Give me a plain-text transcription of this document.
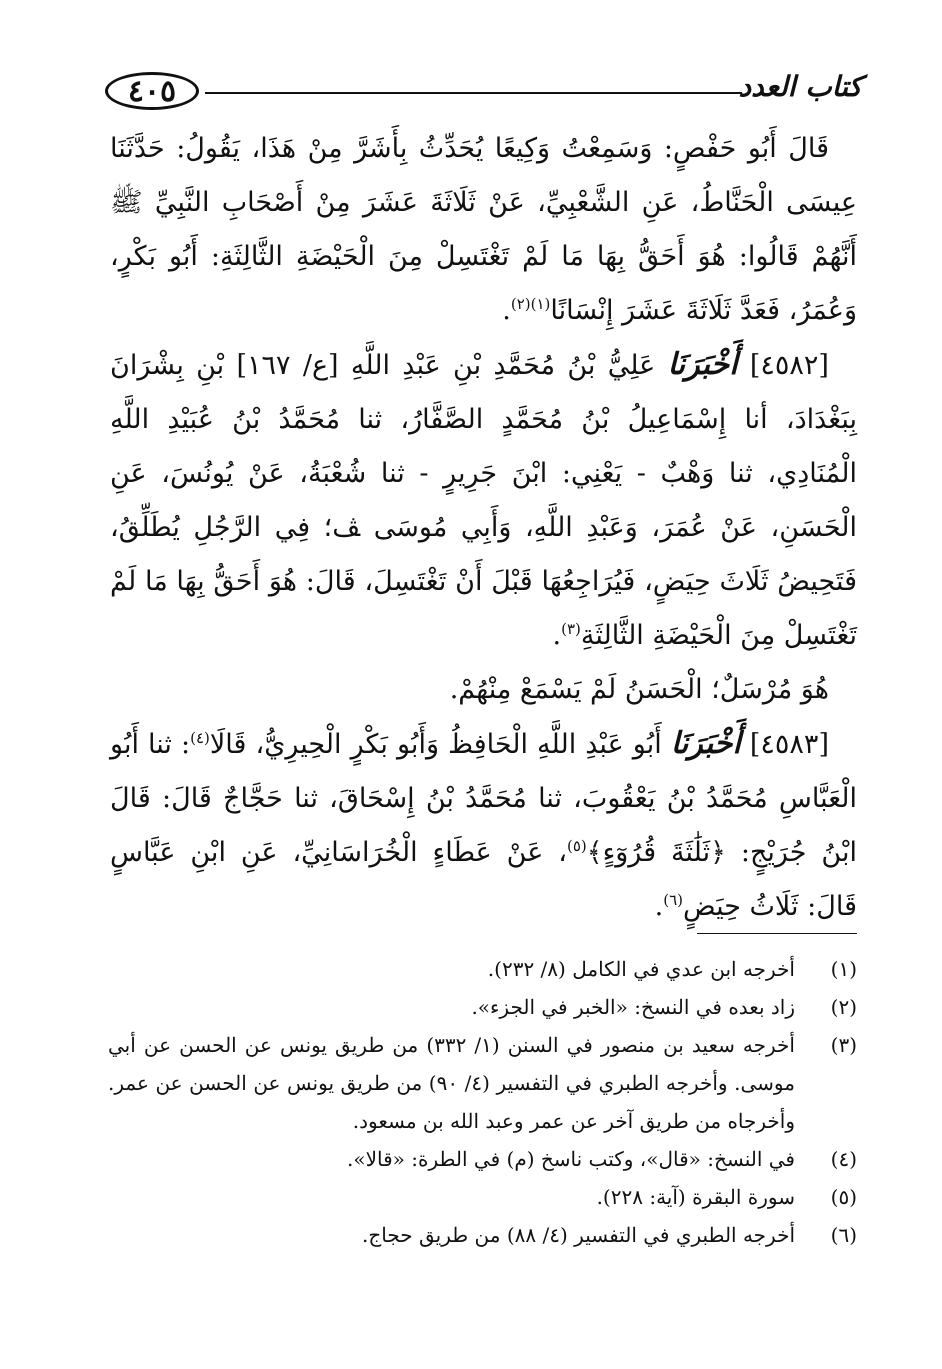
٤٠٥	كتاب العدد

قَالَ أَبُو حَفْصٍ: وَسَمِعْتُ وَكِيعًا يُحَدِّثُ بِأَشَرَّ مِنْ هَذَا، يَقُولُ: حَدَّثَنَا عِيسَى الْحَنَّاطُ، عَنِ الشَّعْبِيِّ، عَنْ ثَلَاثَةَ عَشَرَ مِنْ أَصْحَابِ النَّبِيِّ ﷺ أَنَّهُمْ قَالُوا: هُوَ أَحَقُّ بِهَا مَا لَمْ تَغْتَسِلْ مِنَ الْحَيْضَةِ الثَّالِثَةِ: أَبُو بَكْرٍ، وَعُمَرُ، فَعَدَّ ثَلَاثَةَ عَشَرَ إِنْسَانًا$^{(١)(٢)}$.

[٤٥٨٢] أَخْبَرَنَا عَلِيُّ بْنُ مُحَمَّدِ بْنِ عَبْدِ اللَّهِ [ع/ ١٦٧] بْنِ بِشْرَانَ بِبَغْدَادَ، أنا إِسْمَاعِيلُ بْنُ مُحَمَّدٍ الصَّفَّارُ، ثنا مُحَمَّدُ بْنُ عُبَيْدِ اللَّهِ الْمُنَادِي، ثنا وَهْبٌ - يَعْنِي: ابْنَ جَرِيرٍ - ثنا شُعْبَةُ، عَنْ يُونُسَ، عَنِ الْحَسَنِ، عَنْ عُمَرَ، وَعَبْدِ اللَّهِ، وَأَبِي مُوسَى ﭫ؛ فِي الرَّجُلِ يُطَلِّقُ، فَتَحِيضُ ثَلَاثَ حِيَضٍ، فَيُرَاجِعُهَا قَبْلَ أَنْ تَغْتَسِلَ، قَالَ: هُوَ أَحَقُّ بِهَا مَا لَمْ تَغْتَسِلْ مِنَ الْحَيْضَةِ الثَّالِثَةِ$^{(٣)}$.

هُوَ مُرْسَلٌ؛ الْحَسَنُ لَمْ يَسْمَعْ مِنْهُمْ.

[٤٥٨٣] أَخْبَرَنَا أَبُو عَبْدِ اللَّهِ الْحَافِظُ وَأَبُو بَكْرٍ الْحِيرِيُّ، قَالَا$^{(٤)}$: ثنا أَبُو الْعَبَّاسِ مُحَمَّدُ بْنُ يَعْقُوبَ، ثنا مُحَمَّدُ بْنُ إِسْحَاقَ، ثنا حَجَّاجٌ قَالَ: قَالَ ابْنُ جُرَيْجٍ: ﴿ثَلَٰثَةَ قُرُوٓءٍ﴾$^{(٥)}$، عَنْ عَطَاءٍ الْخُرَاسَانِيِّ، عَنِ ابْنِ عَبَّاسٍ قَالَ: ثَلَاثُ حِيَضٍ$^{(٦)}$.

(١)
أخرجه ابن عدي في الكامل (٨/ ٢٣٢).
(٢)
زاد بعده في النسخ: «الخبر في الجزء».
(٣)
أخرجه سعيد بن منصور في السنن (١/ ٣٣٢) من طريق يونس عن الحسن عن أبي موسى. وأخرجه الطبري في التفسير (٤/ ٩٠) من طريق يونس عن الحسن عن عمر. وأخرجاه من طريق آخر عن عمر وعبد الله بن مسعود.
(٤)
في النسخ: «قال»، وكتب ناسخ (م) في الطرة: «قالا».
(٥)
سورة البقرة (آية: ٢٢٨).
(٦)
أخرجه الطبري في التفسير (٤/ ٨٨) من طريق حجاج.
